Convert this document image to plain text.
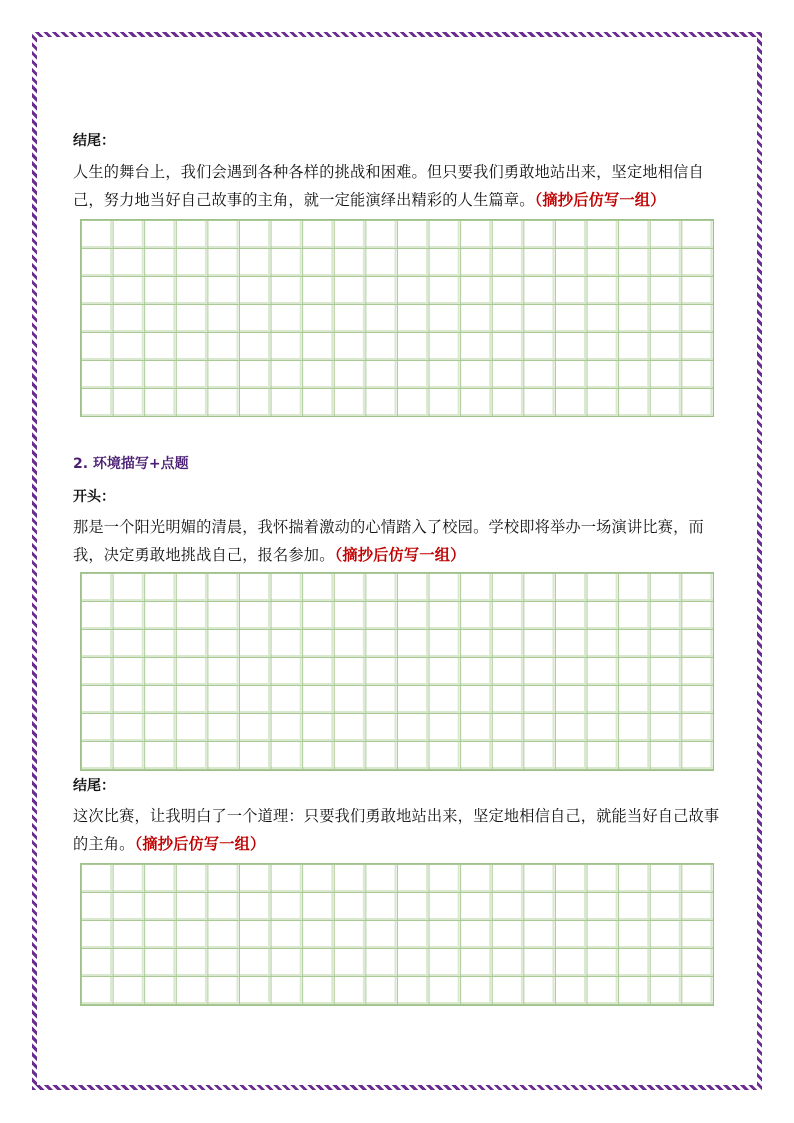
结尾：
人生的舞台上，我们会遇到各种各样的挑战和困难。但只要我们勇敢地站出来，坚定地相信自己，努力地当好自己故事的主角，就一定能演绎出精彩的人生篇章。（摘抄后仿写一组）
2. 环境描写+点题
开头：
那是一个阳光明媚的清晨，我怀揣着激动的心情踏入了校园。学校即将举办一场演讲比赛，而我，决定勇敢地挑战自己，报名参加。（摘抄后仿写一组）
结尾：
这次比赛，让我明白了一个道理：只要我们勇敢地站出来，坚定地相信自己，就能当好自己故事的主角。（摘抄后仿写一组）
